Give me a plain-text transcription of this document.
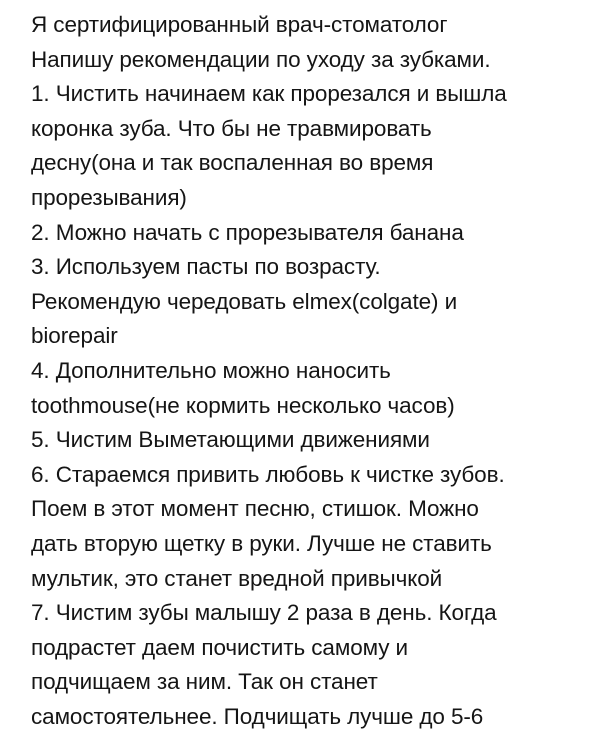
Я сертифицированный врач-стоматолог
Напишу рекомендации по уходу за зубками.
1. Чистить начинаем как прорезался и вышла
коронка зуба. Что бы не травмировать
десну(она и так воспаленная во время
прорезывания)
2. Можно начать с прорезывателя банана
3. Используем пасты по возрасту.
Рекомендую чередовать elmex(colgate) и
biorepair
4. Дополнительно можно наносить
toothmouse(не кормить несколько часов)
5. Чистим Выметающими движениями
6. Стараемся привить любовь к чистке зубов.
Поем в этот момент песню, стишок. Можно
дать вторую щетку в руки. Лучше не ставить
мультик, это станет вредной привычкой
7. Чистим зубы малышу 2 раза в день. Когда
подрастет даем почистить самому и
подчищаем за ним. Так он станет
самостоятельнее. Подчищать лучше до 5-6
